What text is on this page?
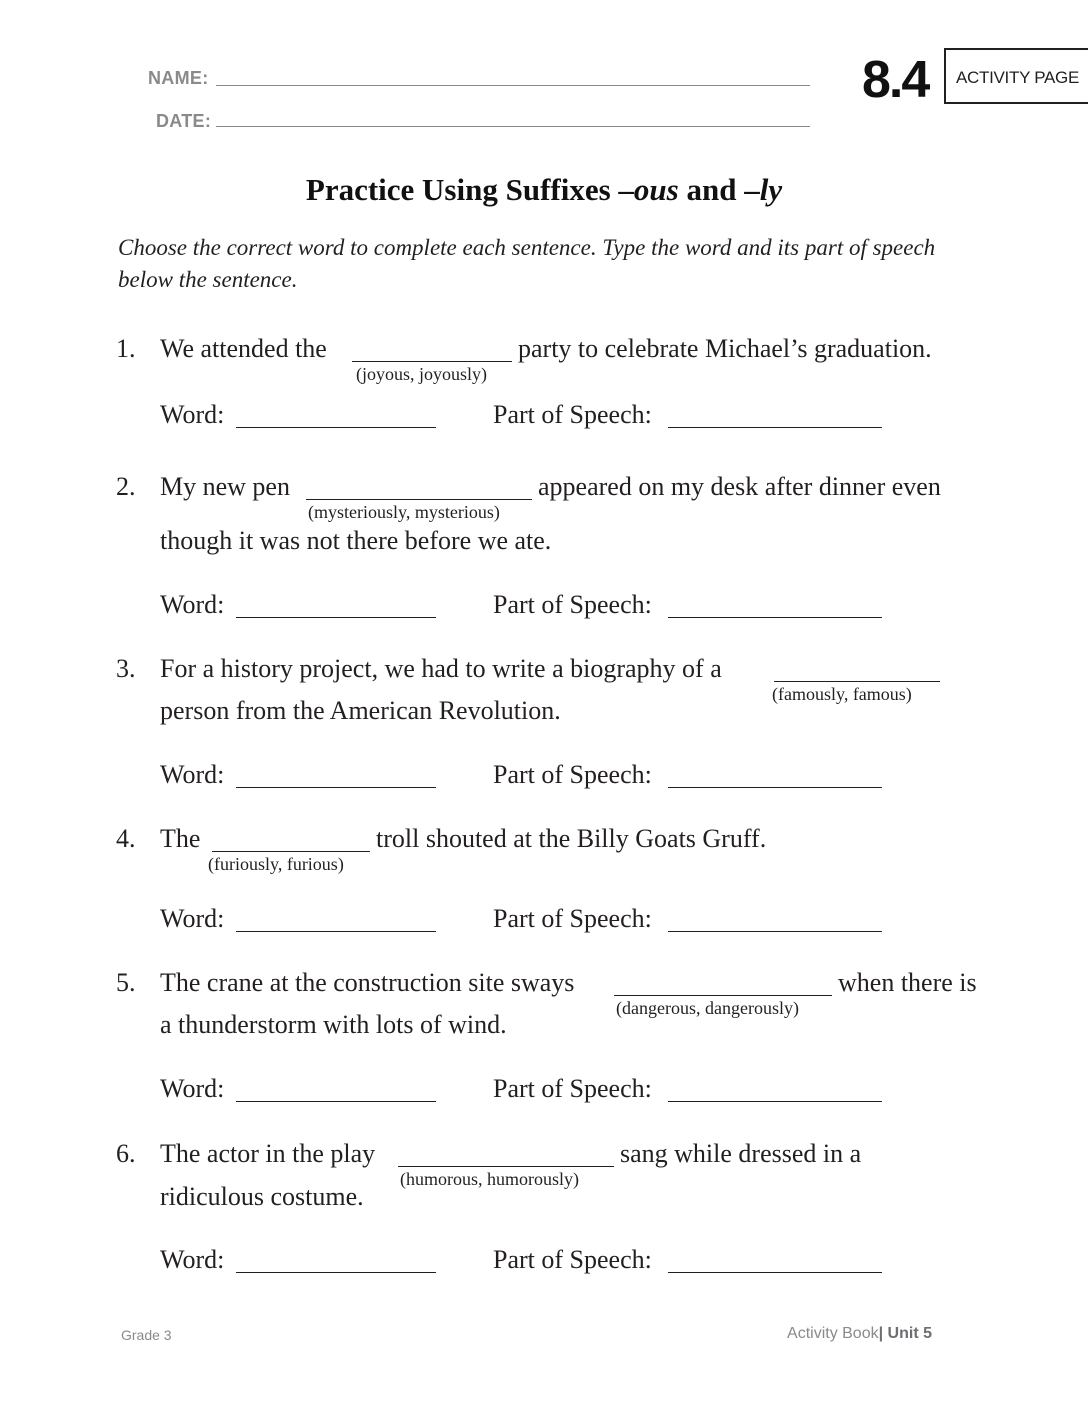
NAME:
DATE:
8.4	ACTIVITY PAGE
Practice Using Suffixes –ous and –ly
Choose the correct word to complete each sentence. Type the word and its part of speech below the sentence.
1. We attended the
(joyous, joyously)
party to celebrate Michael’s graduation.
Word:	Part of Speech:
2. My new pen
(mysteriously, mysterious)
appeared on my desk after dinner even
though it was not there before we ate.
Word:	Part of Speech:
3. For a history project, we had to write a biography of a
(famously, famous)
person from the American Revolution.
Word:	Part of Speech:
4. The
(furiously, furious)
troll shouted at the Billy Goats Gruff.
Word:	Part of Speech:
5. The crane at the construction site sways
(dangerous, dangerously)
when there is
a thunderstorm with lots of wind.
Word:	Part of Speech:
6. The actor in the play
(humorous, humorously)
sang while dressed in a
ridiculous costume.
Word:	Part of Speech:
Grade 3	Activity Book| Unit 5
